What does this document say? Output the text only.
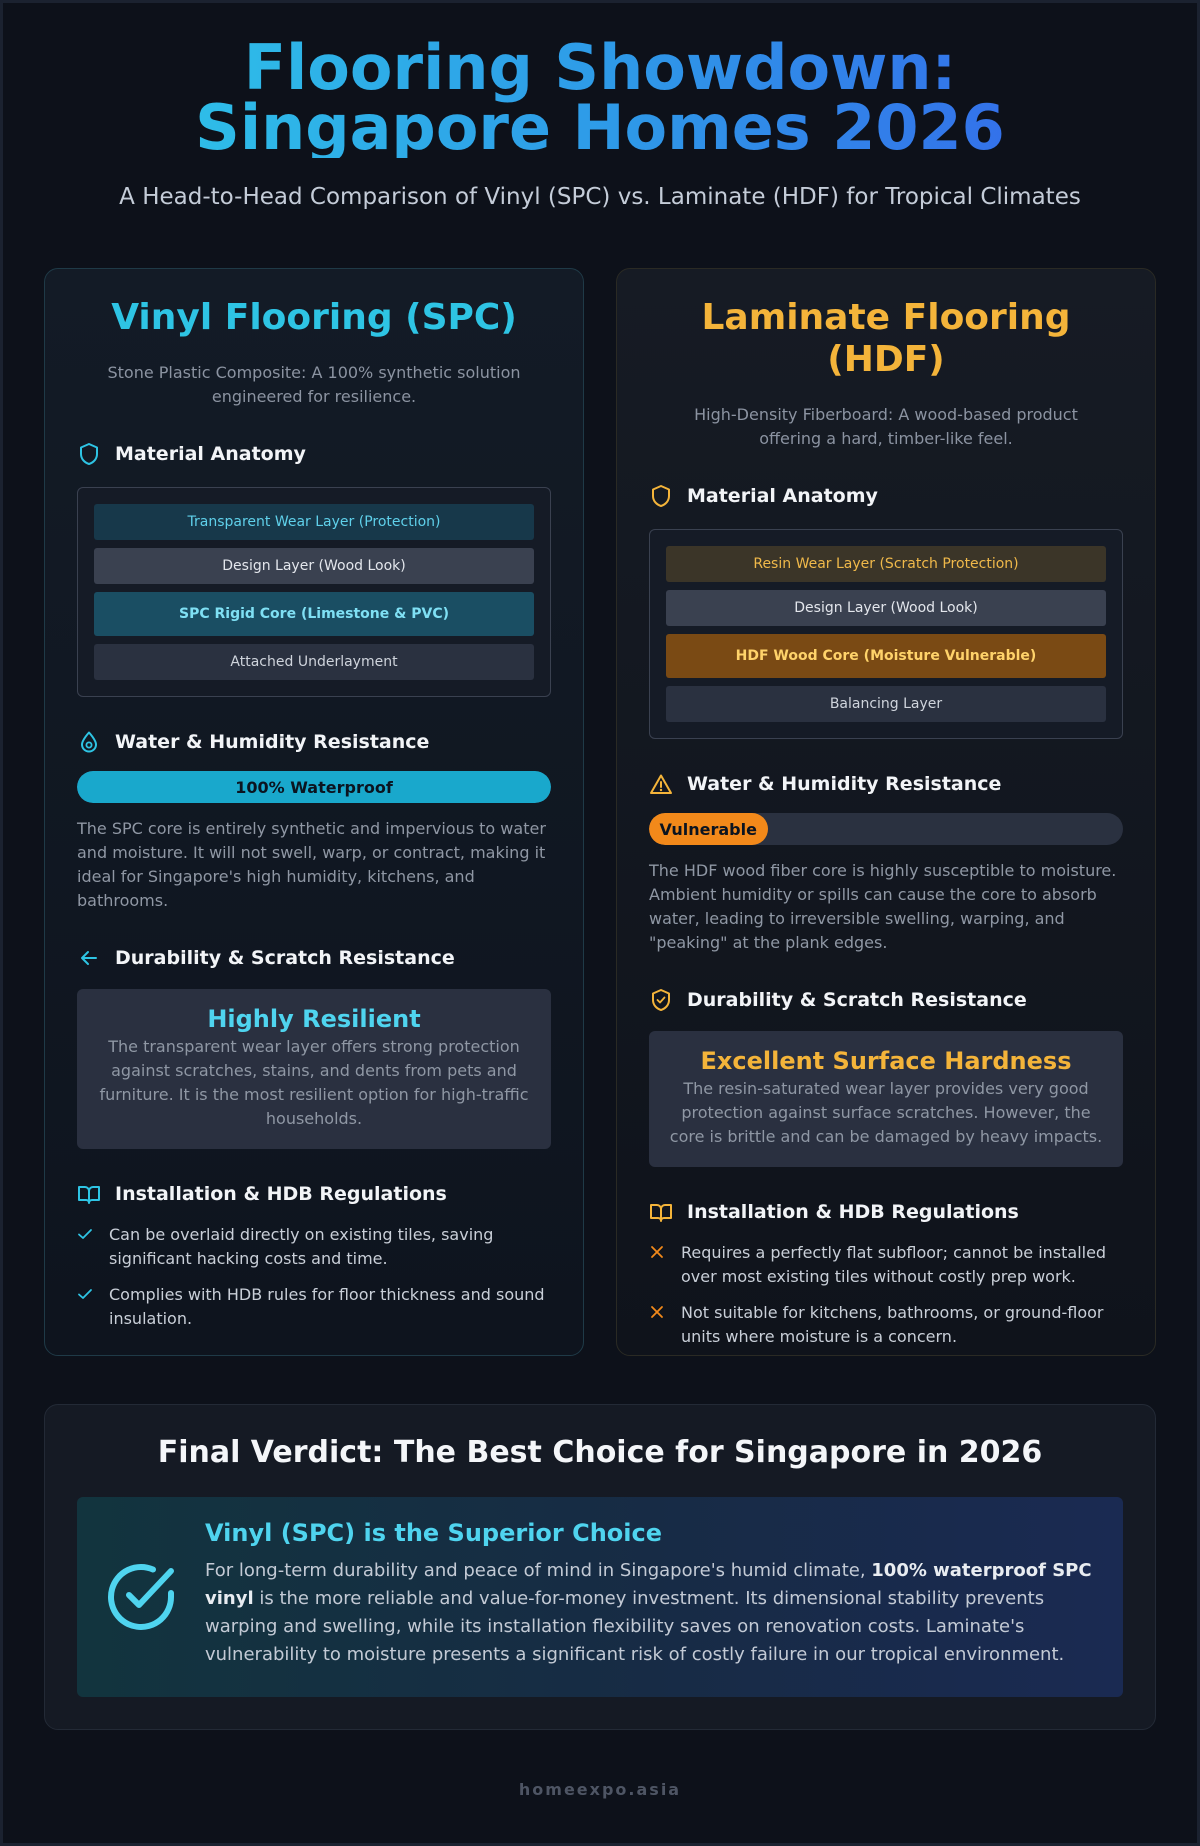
Flooring Showdown: Singapore Homes 2026
A Head-to-Head Comparison of Vinyl (SPC) vs. Laminate (HDF) for Tropical Climates
Vinyl Flooring (SPC)
Stone Plastic Composite: A 100% synthetic solution engineered for resilience.
Material Anatomy
Transparent Wear Layer (Protection)
Design Layer (Wood Look)
SPC Rigid Core (Limestone & PVC)
Attached Underlayment
Water & Humidity Resistance
100% Waterproof
The SPC core is entirely synthetic and impervious to water and moisture. It will not swell, warp, or contract, making it ideal for Singapore's high humidity, kitchens, and bathrooms.
Durability & Scratch Resistance
Highly Resilient
The transparent wear layer offers strong protection against scratches, stains, and dents from pets and furniture. It is the most resilient option for high-traffic households.
Installation & HDB Regulations
Can be overlaid directly on existing tiles, saving significant hacking costs and time.
Complies with HDB rules for floor thickness and sound insulation.
Laminate Flooring (HDF)
High-Density Fiberboard: A wood-based product offering a hard, timber-like feel.
Material Anatomy
Resin Wear Layer (Scratch Protection)
Design Layer (Wood Look)
HDF Wood Core (Moisture Vulnerable)
Balancing Layer
Water & Humidity Resistance
Vulnerable
The HDF wood fiber core is highly susceptible to moisture. Ambient humidity or spills can cause the core to absorb water, leading to irreversible swelling, warping, and "peaking" at the plank edges.
Durability & Scratch Resistance
Excellent Surface Hardness
The resin-saturated wear layer provides very good protection against surface scratches. However, the core is brittle and can be damaged by heavy impacts.
Installation & HDB Regulations
Requires a perfectly flat subfloor; cannot be installed over most existing tiles without costly prep work.
Not suitable for kitchens, bathrooms, or ground-floor units where moisture is a concern.
Final Verdict: The Best Choice for Singapore in 2026
Vinyl (SPC) is the Superior Choice
For long-term durability and peace of mind in Singapore's humid climate, 100% waterproof SPC vinyl is the more reliable and value-for-money investment. Its dimensional stability prevents warping and swelling, while its installation flexibility saves on renovation costs. Laminate's vulnerability to moisture presents a significant risk of costly failure in our tropical environment.
homeexpo.asia
